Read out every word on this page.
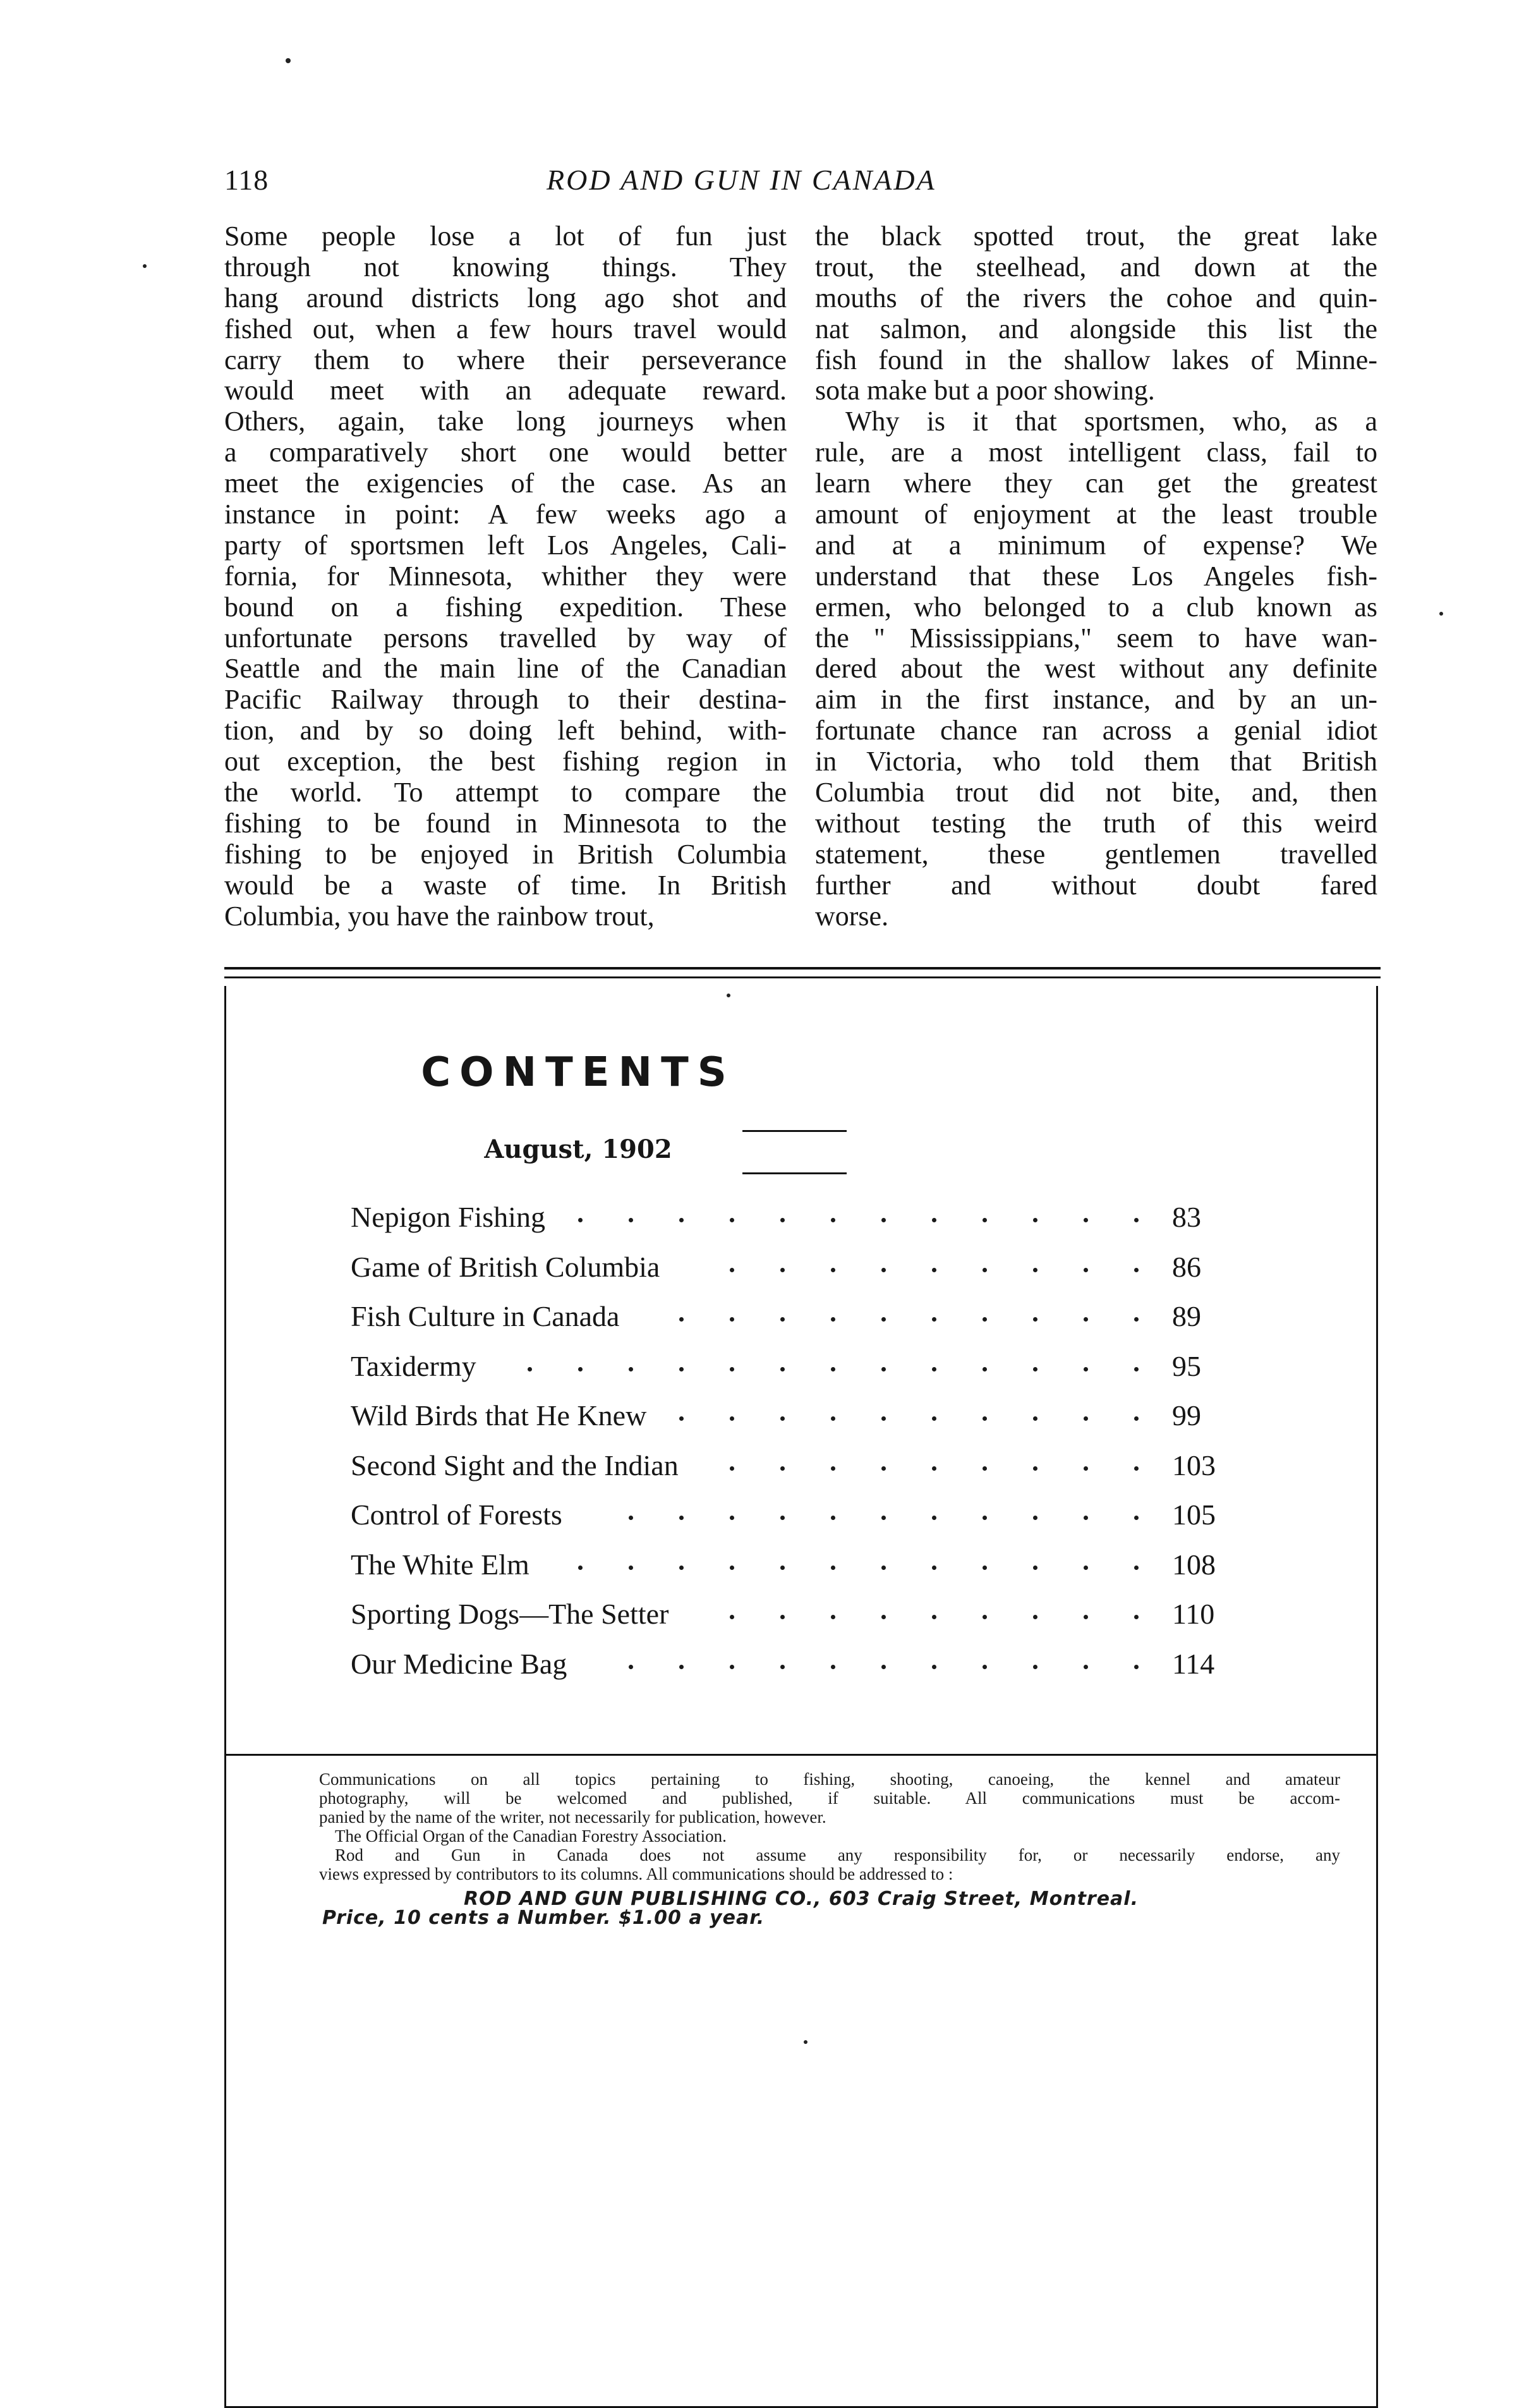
118	ROD AND GUN IN CANADA
Some people lose a lot of fun just
through not knowing things. They
hang around districts long ago shot and
fished out, when a few hours travel would
carry them to where their perseverance
would meet with an adequate reward.
Others, again, take long journeys when
a comparatively short one would better
meet the exigencies of the case. As an
instance in point: A few weeks ago a
party of sportsmen left Los Angeles, Cali-
fornia, for Minnesota, whither they were
bound on a fishing expedition. These
unfortunate persons travelled by way of
Seattle and the main line of the Canadian
Pacific Railway through to their destina-
tion, and by so doing left behind, with-
out exception, the best fishing region in
the world. To attempt to compare the
fishing to be found in Minnesota to the
fishing to be enjoyed in British Columbia
would be a waste of time. In British
Columbia, you have the rainbow trout,
the black spotted trout, the great lake
trout, the steelhead, and down at the
mouths of the rivers the cohoe and quin-
nat salmon, and alongside this list the
fish found in the shallow lakes of Minne-
sota make but a poor showing.
Why is it that sportsmen, who, as a
rule, are a most intelligent class, fail to
learn where they can get the greatest
amount of enjoyment at the least trouble
and at a minimum of expense? We
understand that these Los Angeles fish-
ermen, who belonged to a club known as
the " Mississippians," seem to have wan-
dered about the west without any definite
aim in the first instance, and by an un-
fortunate chance ran across a genial idiot
in Victoria, who told them that British
Columbia trout did not bite, and, then
without testing the truth of this weird
statement, these gentlemen travelled
further and without doubt fared
worse.
CONTENTS
August, 1902
Nepigon Fishing	83
Game of British Columbia	86
Fish Culture in Canada	89
Taxidermy	95
Wild Birds that He Knew	99
Second Sight and the Indian	103
Control of Forests	105
The White Elm	108
Sporting Dogs—The Setter	110
Our Medicine Bag	114

Communications on all topics pertaining to fishing, shooting, canoeing, the kennel and amateur

photography, will be welcomed and published, if suitable. All communications must be accom-

panied by the name of the writer, not necessarily for publication, however.

The Official Organ of the Canadian Forestry Association.

Rod and Gun in Canada does not assume any responsibility for, or necessarily endorse, any

views expressed by contributors to its columns. All communications should be addressed to :

ROD AND GUN PUBLISHING CO., 603 Craig Street, Montreal.

Price, 10 cents a Number. $1.00 a year.
